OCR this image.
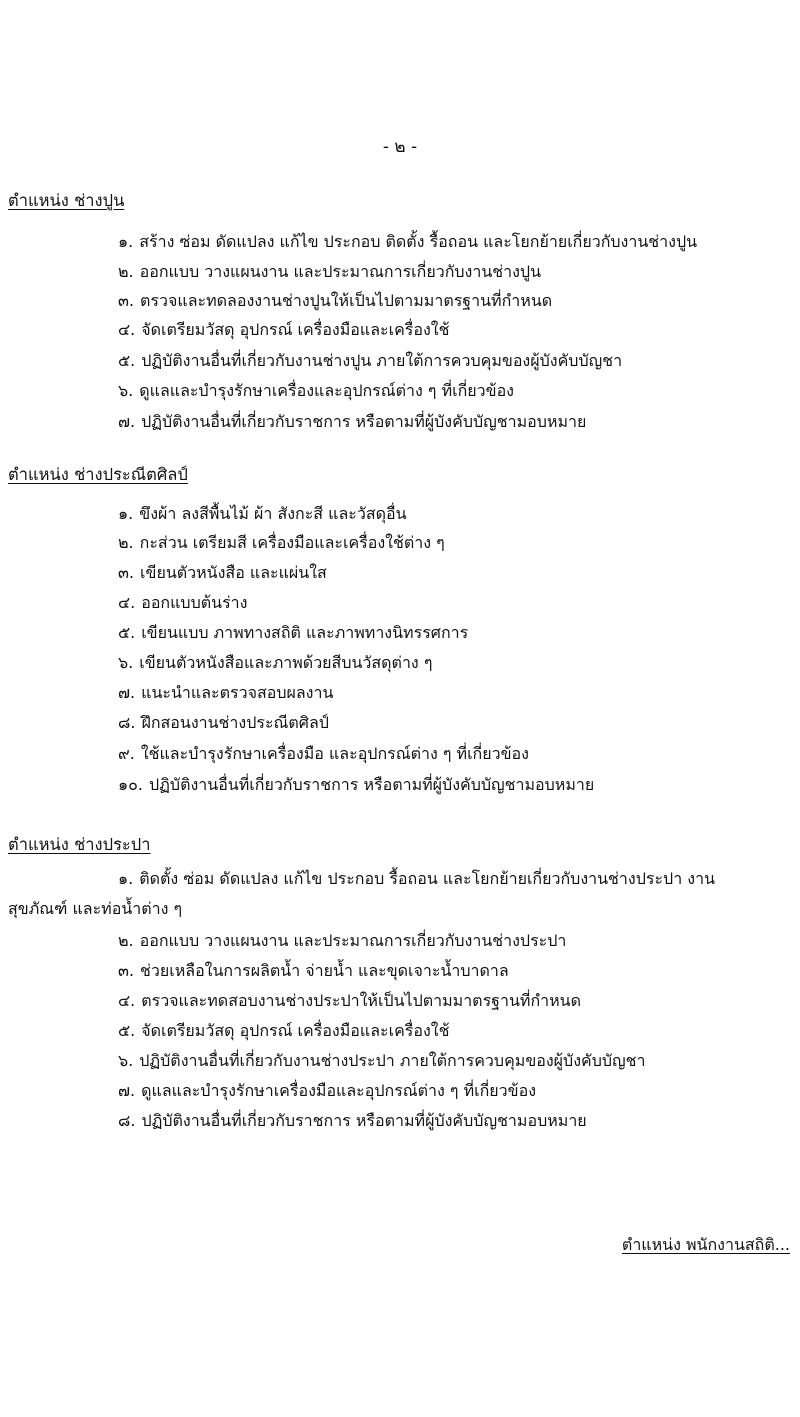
- ๒ -
ตำแหน่ง ช่างปูน
๑. สร้าง ซ่อม ดัดแปลง แก้ไข ประกอบ ติดตั้ง รื้อถอน และโยกย้ายเกี่ยวกับงานช่างปูน
๒. ออกแบบ วางแผนงาน และประมาณการเกี่ยวกับงานช่างปูน
๓. ตรวจและทดลองงานช่างปูนให้เป็นไปตามมาตรฐานที่กำหนด
๔. จัดเตรียมวัสดุ อุปกรณ์ เครื่องมือและเครื่องใช้
๕. ปฏิบัติงานอื่นที่เกี่ยวกับงานช่างปูน ภายใต้การควบคุมของผู้บังคับบัญชา
๖. ดูแลและบำรุงรักษาเครื่องและอุปกรณ์ต่าง ๆ ที่เกี่ยวข้อง
๗. ปฏิบัติงานอื่นที่เกี่ยวกับราชการ หรือตามที่ผู้บังคับบัญชามอบหมาย
ตำแหน่ง ช่างประณีตศิลป์
๑. ขึงผ้า ลงสีพื้นไม้ ผ้า สังกะสี และวัสดุอื่น
๒. กะส่วน เตรียมสี เครื่องมือและเครื่องใช้ต่าง ๆ
๓. เขียนตัวหนังสือ และแผ่นใส
๔. ออกแบบต้นร่าง
๕. เขียนแบบ ภาพทางสถิติ และภาพทางนิทรรศการ
๖. เขียนตัวหนังสือและภาพด้วยสีบนวัสดุต่าง ๆ
๗. แนะนำและตรวจสอบผลงาน
๘. ฝึกสอนงานช่างประณีตศิลป์
๙. ใช้และบำรุงรักษาเครื่องมือ และอุปกรณ์ต่าง ๆ ที่เกี่ยวข้อง
๑๐. ปฏิบัติงานอื่นที่เกี่ยวกับราชการ หรือตามที่ผู้บังคับบัญชามอบหมาย
ตำแหน่ง ช่างประปา
๑. ติดตั้ง ซ่อม ดัดแปลง แก้ไข ประกอบ รื้อถอน และโยกย้ายเกี่ยวกับงานช่างประปา งาน
สุขภัณฑ์ และท่อน้ำต่าง ๆ
๒. ออกแบบ วางแผนงาน และประมาณการเกี่ยวกับงานช่างประปา
๓. ช่วยเหลือในการผลิตน้ำ จ่ายน้ำ และขุดเจาะน้ำบาดาล
๔. ตรวจและทดสอบงานช่างประปาให้เป็นไปตามมาตรฐานที่กำหนด
๕. จัดเตรียมวัสดุ อุปกรณ์ เครื่องมือและเครื่องใช้
๖. ปฏิบัติงานอื่นที่เกี่ยวกับงานช่างประปา ภายใต้การควบคุมของผู้บังคับบัญชา
๗. ดูแลและบำรุงรักษาเครื่องมือและอุปกรณ์ต่าง ๆ ที่เกี่ยวข้อง
๘. ปฏิบัติงานอื่นที่เกี่ยวกับราชการ หรือตามที่ผู้บังคับบัญชามอบหมาย
ตำแหน่ง พนักงานสถิติ...
